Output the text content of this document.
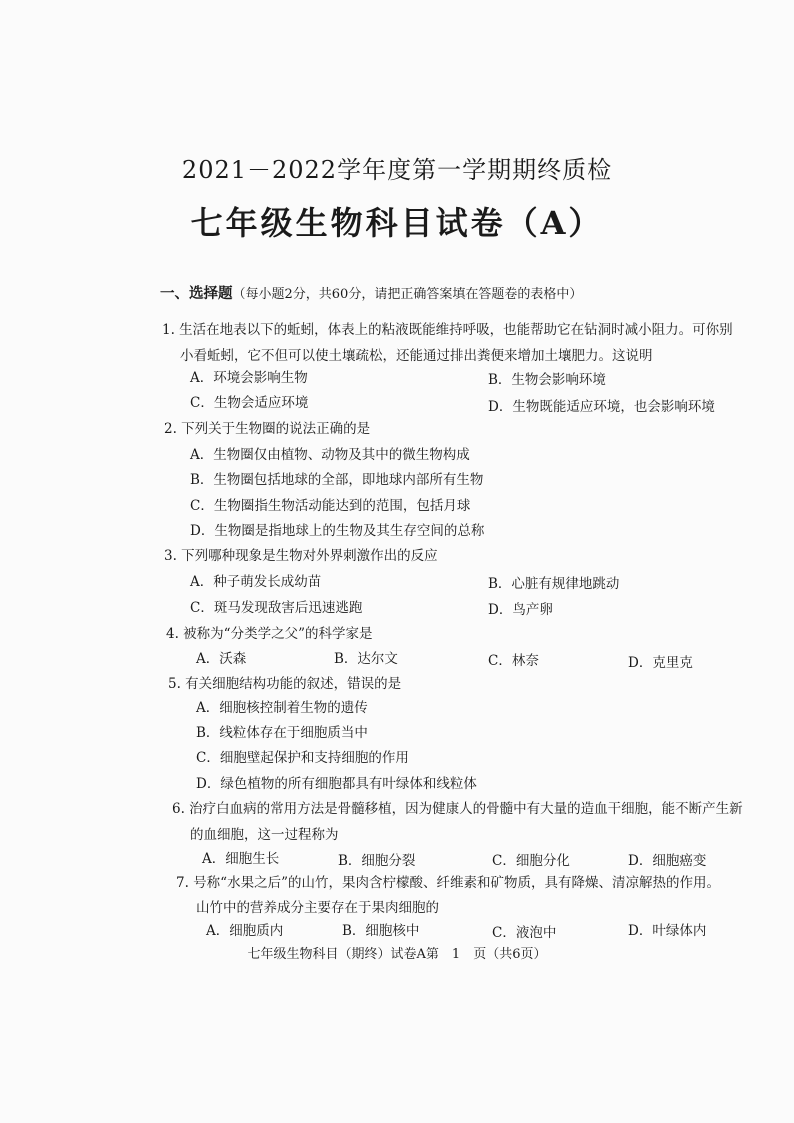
2021－2022学年度第一学期期终质检
七年级生物科目试卷（A）
一、选择题（每小题2分，共60分，请把正确答案填在答题卷的表格中）
1. 生活在地表以下的蚯蚓，体表上的粘液既能维持呼吸，也能帮助它在钻洞时减小阻力。可你别
小看蚯蚓，它不但可以使土壤疏松，还能通过排出粪便来增加土壤肥力。这说明
A．环境会影响生物	B．生物会影响环境
C．生物会适应环境	D．生物既能适应环境，也会影响环境
2. 下列关于生物圈的说法正确的是
A．生物圈仅由植物、动物及其中的微生物构成
B．生物圈包括地球的全部，即地球内部所有生物
C．生物圈指生物活动能达到的范围，包括月球
D．生物圈是指地球上的生物及其生存空间的总称
3. 下列哪种现象是生物对外界刺激作出的反应
A．种子萌发长成幼苗	B．心脏有规律地跳动
C．斑马发现敌害后迅速逃跑	D．鸟产卵
4. 被称为“分类学之父”的科学家是
A．沃森	B．达尔文	C．林奈	D．克里克
5. 有关细胞结构功能的叙述，错误的是
A．细胞核控制着生物的遗传
B．线粒体存在于细胞质当中
C．细胞壁起保护和支持细胞的作用
D．绿色植物的所有细胞都具有叶绿体和线粒体
6. 治疗白血病的常用方法是骨髓移植，因为健康人的骨髓中有大量的造血干细胞，能不断产生新
的血细胞，这一过程称为
A．细胞生长	B．细胞分裂	C．细胞分化	D．细胞癌变
7. 号称“水果之后”的山竹，果肉含柠檬酸、纤维素和矿物质，具有降燥、清凉解热的作用。
山竹中的营养成分主要存在于果肉细胞的
A．细胞质内	B．细胞核中	C．液泡中	D．叶绿体内
七年级生物科目（期终）试卷A第　1　页（共6页）
